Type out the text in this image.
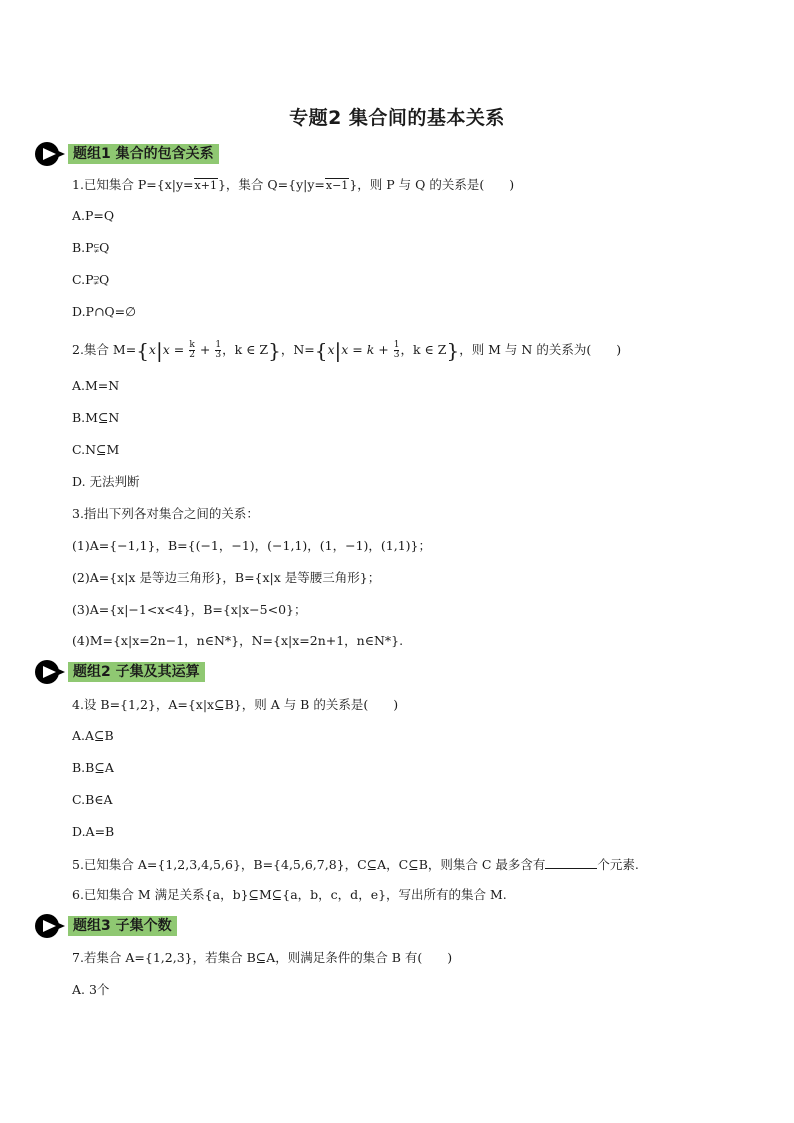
专题2 集合间的基本关系
题组1 集合的包含关系
1.已知集合 P={x|y=x+1}，集合 Q={y|y=x−1}，则 P 与 Q 的关系是(　　)
A.P=Q
B.P⫋Q
C.P⫌Q
D.P∩Q=∅
2.集合 $M=\{x|x = \frac{k}{2} + \frac{1}{3}$ ，k ∈ Z}，$N=\{x|x = k + \frac{1}{3}$ ，k ∈ Z}，则 M 与 N 的关系为(　　)
A.M=N
B.M⊆N
C.N⊆M
D. 无法判断
3.指出下列各对集合之间的关系：
(1)A={−1,1}，B={(−1，−1)，(−1,1)，(1，−1)，(1,1)}；
(2)A={x|x 是等边三角形}，B={x|x 是等腰三角形}；
(3)A={x|−1<x<4}，B={x|x−5<0}；
(4)M={x|x=2n−1，n∈N*}，N={x|x=2n+1，n∈N*}.
题组2 子集及其运算
4.设 B={1,2}，A={x|x⊆B}，则 A 与 B 的关系是(　　)
A.A⊆B
B.B⊆A
C.B∈A
D.A=B
5.已知集合 A={1,2,3,4,5,6}，B={4,5,6,7,8}，C⊆A，C⊆B，则集合 C 最多含有	个元素.
6.已知集合 M 满足关系{a，b}⊆M⊆{a，b，c，d，e}，写出所有的集合 M.
题组3 子集个数
7.若集合 A={1,2,3}，若集合 B⊆A，则满足条件的集合 B 有(　　)
A. 3个
